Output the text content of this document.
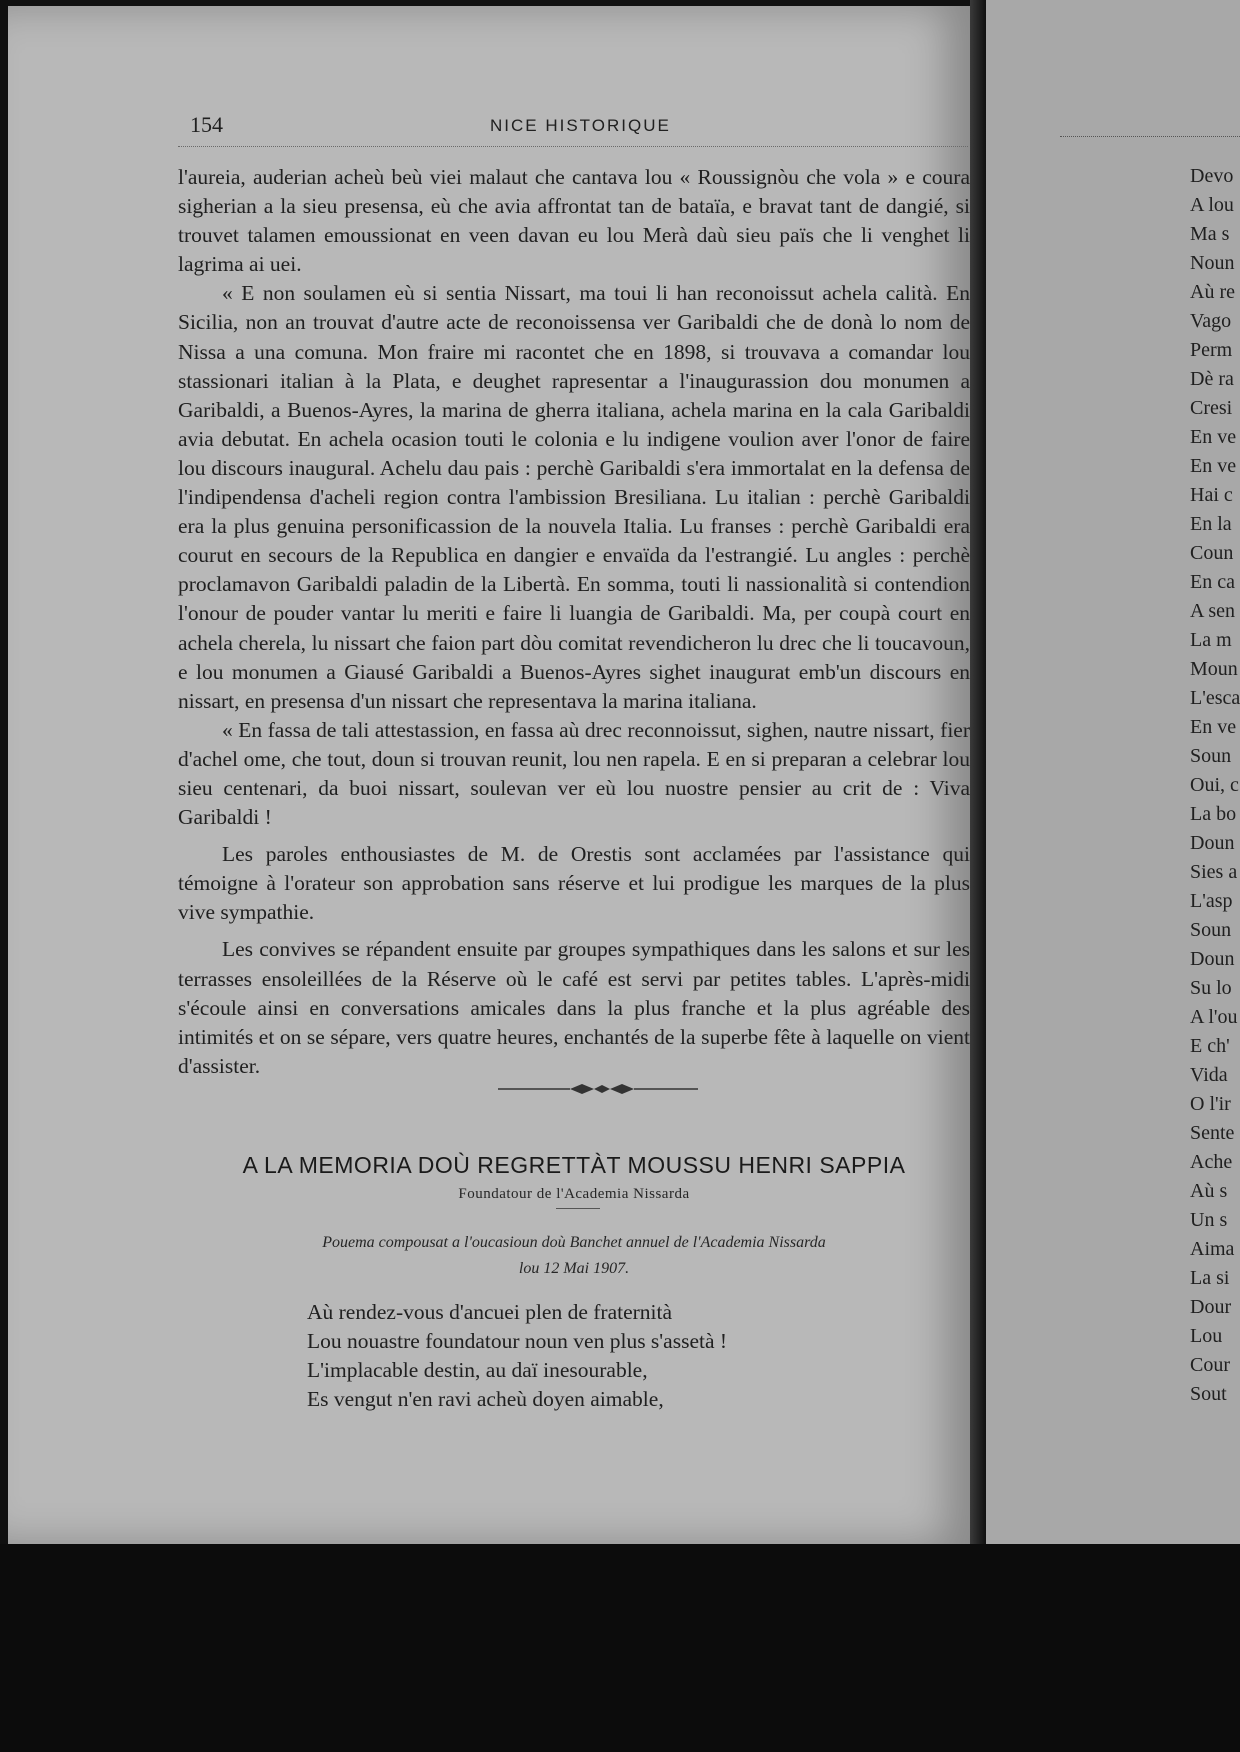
154	NICE HISTORIQUE

l'aureia, auderian acheù beù viei malaut che cantava lou « Roussignòu che vola » e coura sigherian a la sieu presensa, eù che avia affrontat tan de bataïa, e bravat tant de dangié, si trouvet talamen emoussionat en veen davan eu lou Merà daù sieu païs che li venghet li lagrima ai uei.

« E non soulamen eù si sentia Nissart, ma toui li han reconoissut achela calità. En Sicilia, non an trouvat d'autre acte de reconoissensa ver Garibaldi che de donà lo nom de Nissa a una comuna. Mon fraire mi racontet che en 1898, si trouvava a comandar lou stassionari italian à la Plata, e deughet rapresentar a l'inaugurassion dou monumen a Garibaldi, a Buenos-Ayres, la marina de gherra italiana, achela marina en la cala Garibaldi avia debutat. En achela ocasion touti le colonia e lu indigene voulion aver l'onor de faire lou discours inaugural. Achelu dau pais : perchè Garibaldi s'era immortalat en la defensa de l'indipendensa d'acheli region contra l'ambission Bresiliana. Lu italian : perchè Garibaldi era la plus genuina personificassion de la nouvela Italia. Lu franses : perchè Garibaldi era courut en secours de la Republica en dangier e envaïda da l'estrangié. Lu angles : perchè proclamavon Garibaldi paladin de la Libertà. En somma, touti li nassionalità si contendion l'onour de pouder vantar lu meriti e faire li luangia de Garibaldi. Ma, per coupà court en achela cherela, lu nissart che faion part dòu comitat revendicheron lu drec che li toucavoun, e lou monumen a Giausé Garibaldi a Buenos-Ayres sighet inaugurat emb'un discours en nissart, en presensa d'un nissart che representava la marina italiana.

« En fassa de tali attestassion, en fassa aù drec reconnoissut, sighen, nautre nissart, fier d'achel ome, che tout, doun si trouvan reunit, lou nen rapela. E en si preparan a celebrar lou sieu centenari, da buoi nissart, soulevan ver eù lou nuostre pensier au crit de : Viva Garibaldi !

Les paroles enthousiastes de M. de Orestis sont acclamées par l'assistance qui témoigne à l'orateur son approbation sans réserve et lui prodigue les marques de la plus vive sympathie.

Les convives se répandent ensuite par groupes sympathiques dans les salons et sur les terrasses ensoleillées de la Réserve où le café est servi par petites tables. L'après-midi s'écoule ainsi en conversations amicales dans la plus franche et la plus agréable des intimités et on se sépare, vers quatre heures, enchantés de la superbe fête à laquelle on vient d'assister.

A LA MEMORIA DOÙ REGRETTÀT MOUSSU HENRI SAPPIA
Foundatour de l'Academia Nissarda
Pouema compousat a l'oucasioun doù Banchet annuel de l'Academia Nissarda
lou 12 Mai 1907.
Aù rendez-vous d'ancuei plen de fraternità
Lou nouastre foundatour noun ven plus s'assetà !
L'implacable destin, au daï inesourable,
Es vengut n'en ravi acheù doyen aimable,
Devo
A lou
Ma s
Noun
Aù re
Vago
Perm
Dè ra
Cresi
En ve
En ve
Hai c
En la
Coun
En ca
A sen
La m
Moun
L'esca
En ve
Soun
Oui, c
La bo
Doun
Sies a
L'asp
Soun
Doun
Su lo
A l'ou
E ch'
Vida
O l'ir
Sente
Ache
Aù s
Un s
Aima
La si
Dour
Lou
Cour
Sout
